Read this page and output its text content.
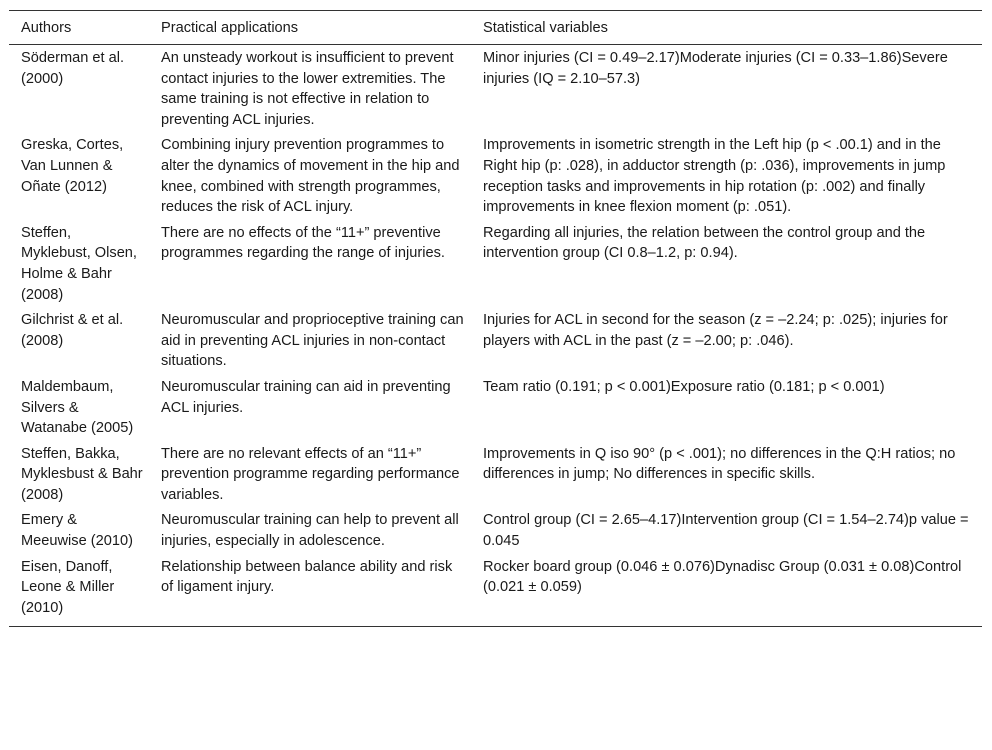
Authors	Practical applications	Statistical variables
Söderman et al. (2000)	An unsteady workout is insufficient to prevent contact injuries to the lower extremities. The same training is not effective in relation to preventing ACL injuries.	Minor injuries (CI = 0.49–2.17)Moderate injuries (CI = 0.33–1.86)Severe injuries (IQ = 2.10–57.3)
Greska, Cortes, Van Lunnen & Oñate (2012)	Combining injury prevention programmes to alter the dynamics of movement in the hip and knee, combined with strength programmes, reduces the risk of ACL injury.	Improvements in isometric strength in the Left hip (p < .00.1) and in the Right hip (p: .028), in adductor strength (p: .036), improvements in jump reception tasks and improvements in hip rotation (p: .002) and finally improvements in knee flexion moment (p: .051).
Steffen, Myklebust, Olsen, Holme & Bahr (2008)	There are no effects of the “11+” preventive programmes regarding the range of injuries.	Regarding all injuries, the relation between the control group and the intervention group (CI 0.8–1.2, p: 0.94).
Gilchrist & et al. (2008)	Neuromuscular and proprioceptive training can aid in preventing ACL injuries in non-contact situations.	Injuries for ACL in second for the season (z = –2.24; p: .025); injuries for players with ACL in the past (z = –2.00; p: .046).
Maldembaum, Silvers & Watanabe (2005)	Neuromuscular training can aid in preventing ACL injuries.	Team ratio (0.191; p < 0.001)Exposure ratio (0.181; p < 0.001)
Steffen, Bakka, Myklesbust & Bahr (2008)	There are no relevant effects of an “11+” prevention programme regarding performance variables.	Improvements in Q iso 90° (p < .001); no differences in the Q:H ratios; no differences in jump; No differences in specific skills.
Emery & Meeuwise (2010)	Neuromuscular training can help to prevent all injuries, especially in adolescence.	Control group (CI = 2.65–4.17)Intervention group (CI = 1.54–2.74)p value = 0.045
Eisen, Danoff, Leone & Miller (2010)	Relationship between balance ability and risk of ligament injury.	Rocker board group (0.046 ± 0.076)Dynadisc Group (0.031 ± 0.08)Control (0.021 ± 0.059)
